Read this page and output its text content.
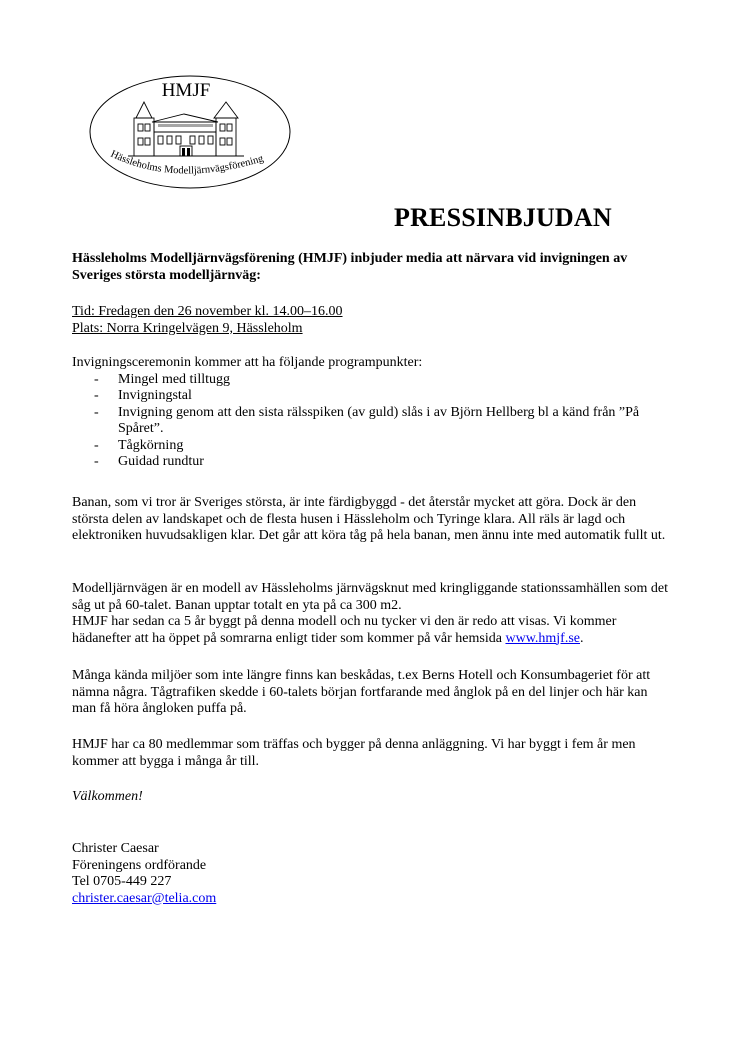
HMJF
Hässleholms Modelljärnvägsförening
PRESSINBJUDAN
Hässleholms Modelljärnvägsförening (HMJF) inbjuder media att närvara vid invigningen av Sveriges största modelljärnväg:
Tid: Fredagen den 26 november kl. 14.00–16.00
Plats: Norra Kringelvägen 9, Hässleholm
Invigningsceremonin kommer att ha följande programpunkter:
- Mingel med tilltugg
- Invigningstal
- Invigning genom att den sista rälsspiken (av guld) slås i av Björn Hellberg bl a känd från ”På Spåret”.
- Tågkörning
- Guidad rundtur
Banan, som vi tror är Sveriges största, är inte färdigbyggd - det återstår mycket att göra. Dock är den största delen av landskapet och de flesta husen i Hässleholm och Tyringe klara. All räls är lagd och elektroniken huvudsakligen klar. Det går att köra tåg på hela banan, men ännu inte med automatik fullt ut.
Modelljärnvägen är en modell av Hässleholms järnvägsknut med kringliggande stationssamhällen som det såg ut på 60-talet. Banan upptar totalt en yta på ca 300 m2.
HMJF har sedan ca 5 år byggt på denna modell och nu tycker vi den är redo att visas. Vi kommer hädanefter att ha öppet på somrarna enligt tider som kommer på vår hemsida www.hmjf.se.
Många kända miljöer som inte längre finns kan beskådas, t.ex Berns Hotell och Konsumbageriet för att nämna några. Tågtrafiken skedde i 60-talets början fortfarande med ånglok på en del linjer och här kan man få höra ångloken puffa på.
HMJF har ca 80 medlemmar som träffas och bygger på denna anläggning. Vi har byggt i fem år men kommer att bygga i många år till.
Välkommen!
Christer Caesar
Föreningens ordförande
Tel 0705-449 227
christer.caesar@telia.com
